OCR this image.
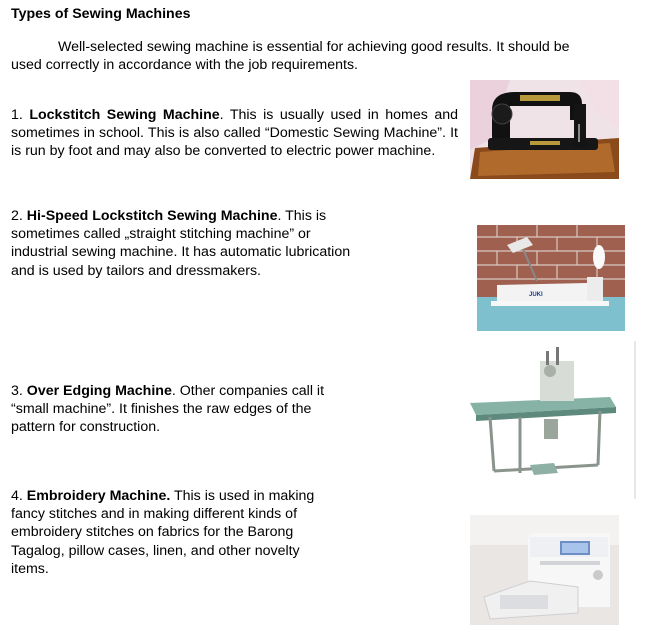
Types of Sewing Machines
Well-selected sewing machine is essential for achieving good results. It should be used correctly in accordance with the job requirements.
1. Lockstitch Sewing Machine. This is usually used in homes and sometimes in school. This is also called “Domestic Sewing Machine”. It is run by foot and may also be converted to electric power machine.
2. Hi-Speed Lockstitch Sewing Machine. This is sometimes called „straight stitching machine” or industrial sewing machine. It has automatic lubrication and is used by tailors and dressmakers.
3. Over Edging Machine. Other companies call it “small machine”. It finishes the raw edges of the pattern for construction.
4. Embroidery Machine. This is used in making fancy stitches and in making different kinds of embroidery stitches on fabrics for the Barong Tagalog, pillow cases, linen, and other novelty items.
JUKI
